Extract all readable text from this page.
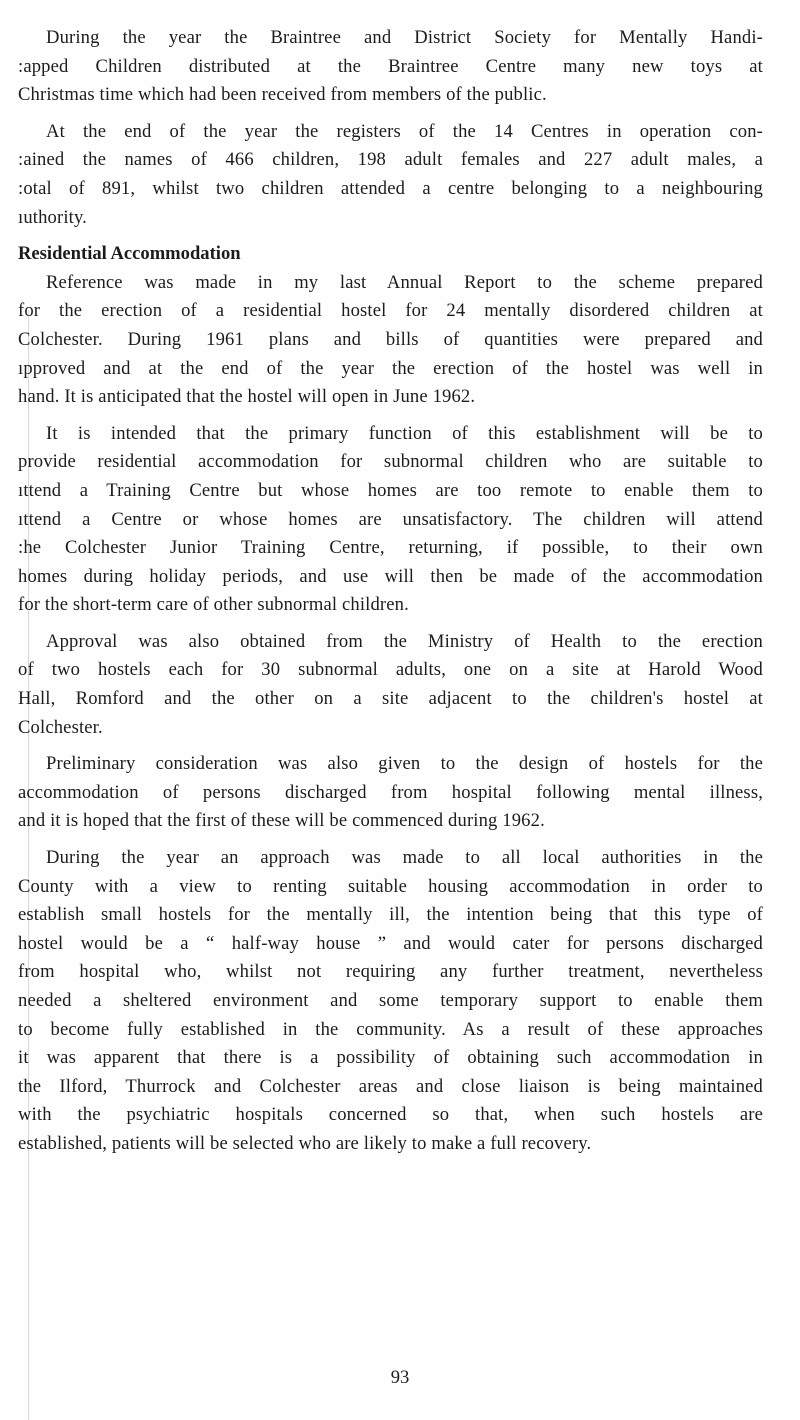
During the year the Braintree and District Society for Mentally Handi-
:apped Children distributed at the Braintree Centre many new toys at
Christmas time which had been received from members of the public.
At the end of the year the registers of the 14 Centres in operation con-
:ained the names of 466 children, 198 adult females and 227 adult males, a
:otal of 891, whilst two children attended a centre belonging to a neighbouring
ıuthority.
Residential Accommodation
Reference was made in my last Annual Report to the scheme prepared
for the erection of a residential hostel for 24 mentally disordered children at
Colchester. During 1961 plans and bills of quantities were prepared and
ıpproved and at the end of the year the erection of the hostel was well in
hand. It is anticipated that the hostel will open in June 1962.
It is intended that the primary function of this establishment will be to
provide residential accommodation for subnormal children who are suitable to
ıttend a Training Centre but whose homes are too remote to enable them to
ıttend a Centre or whose homes are unsatisfactory. The children will attend
:he Colchester Junior Training Centre, returning, if possible, to their own
homes during holiday periods, and use will then be made of the accommodation
for the short-term care of other subnormal children.
Approval was also obtained from the Ministry of Health to the erection
of two hostels each for 30 subnormal adults, one on a site at Harold Wood
Hall, Romford and the other on a site adjacent to the children's hostel at
Colchester.
Preliminary consideration was also given to the design of hostels for the
accommodation of persons discharged from hospital following mental illness,
and it is hoped that the first of these will be commenced during 1962.
During the year an approach was made to all local authorities in the
County with a view to renting suitable housing accommodation in order to
establish small hostels for the mentally ill, the intention being that this type of
hostel would be a “ half-way house ” and would cater for persons discharged
from hospital who, whilst not requiring any further treatment, nevertheless
needed a sheltered environment and some temporary support to enable them
to become fully established in the community. As a result of these approaches
it was apparent that there is a possibility of obtaining such accommodation in
the Ilford, Thurrock and Colchester areas and close liaison is being maintained
with the psychiatric hospitals concerned so that, when such hostels are
established, patients will be selected who are likely to make a full recovery.
93
